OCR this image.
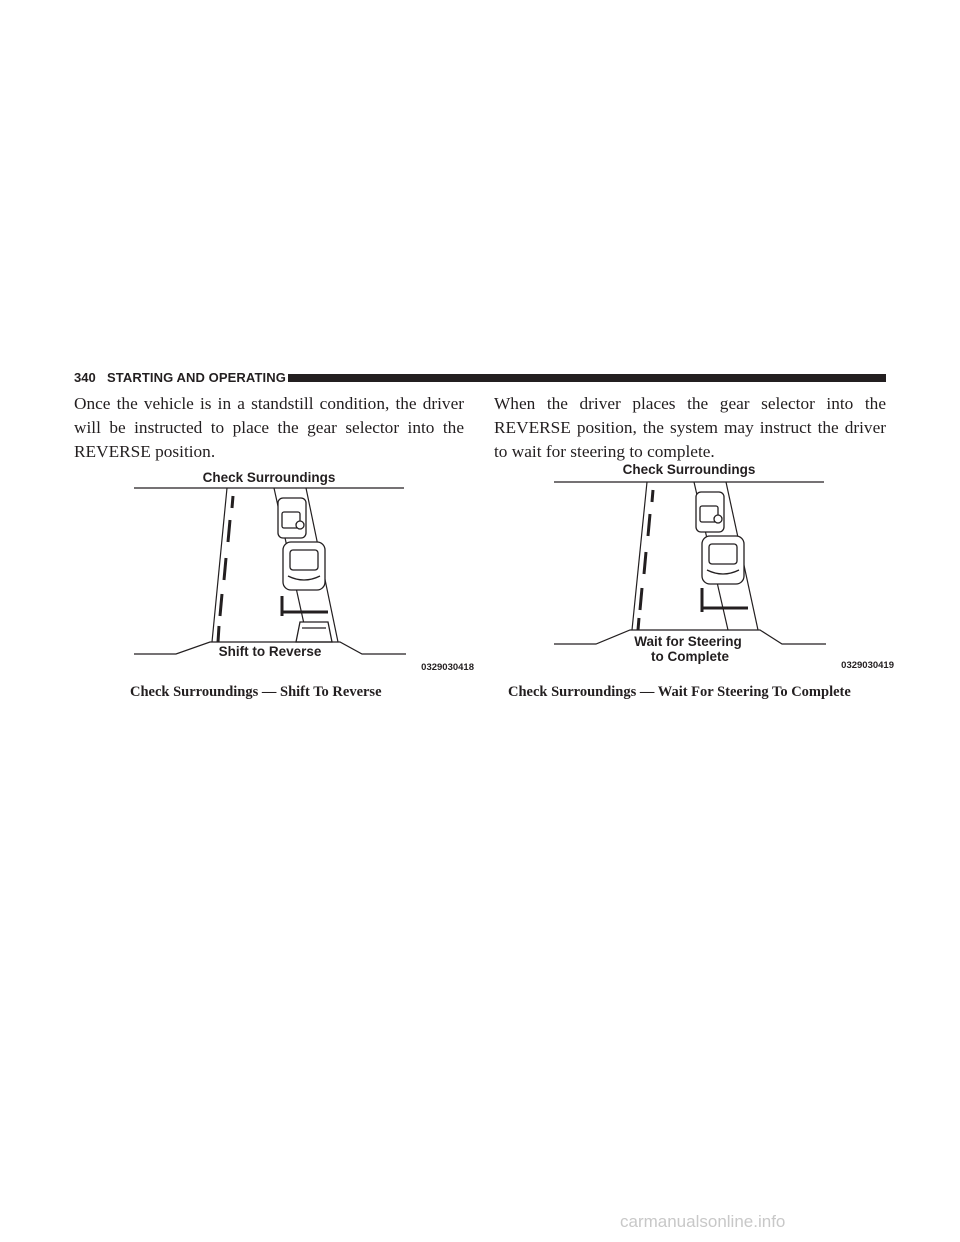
340 STARTING AND OPERATING

Once the vehicle is in a standstill condition, the driver will be instructed to place the gear selector into the REVERSE position.

When the driver places the gear selector into the REVERSE position, the system may instruct the driver to wait for steering to complete.

Check Surroundings
Shift to Reverse
0329030418
Check Surroundings
Wait for Steering
to Complete
0329030419
Check Surroundings — Shift To Reverse	Check Surroundings — Wait For Steering To Complete
carmanualsonline.info
